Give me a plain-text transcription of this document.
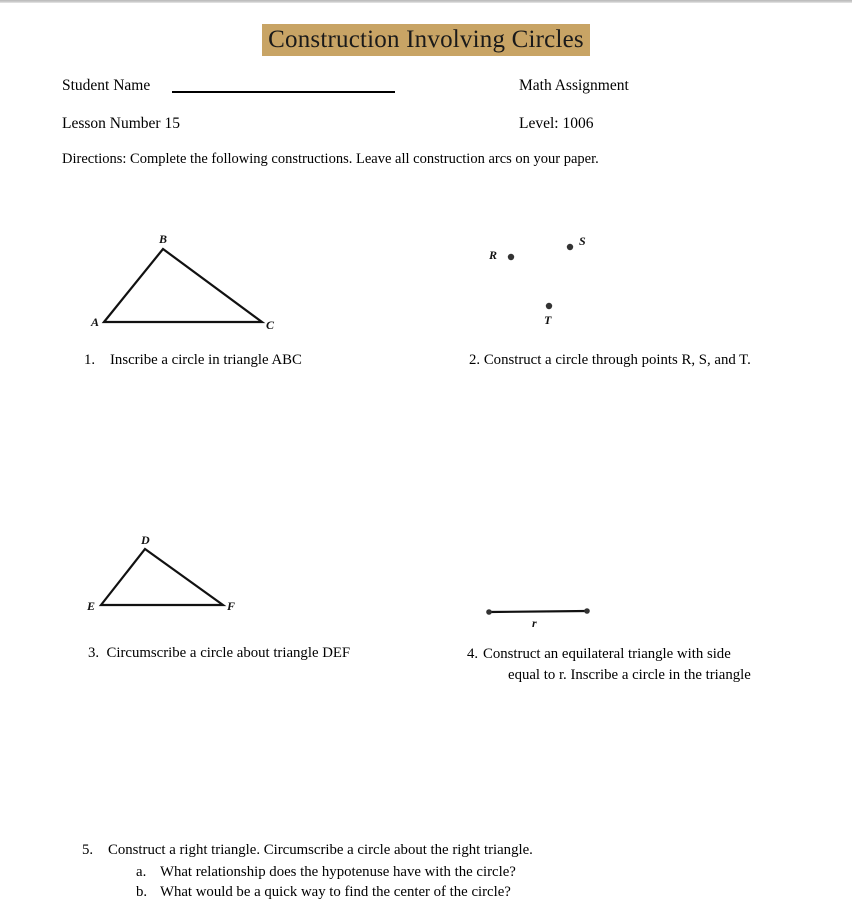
Construction Involving Circles
Student Name	Math Assignment
Lesson Number 15	Level: 1006
Directions: Complete the following constructions. Leave all construction arcs on your paper.
A
B
C
R
S
T
1. Inscribe a circle in triangle ABC	2. Construct a circle through points R, S, and T.
D
E	F
r
3. Circumscribe a circle about triangle DEF	4. Construct an equilateral triangle with side
equal to r. Inscribe a circle in the triangle
5. Construct a right triangle. Circumscribe a circle about the right triangle.
a. What relationship does the hypotenuse have with the circle?
b. What would be a quick way to find the center of the circle?
